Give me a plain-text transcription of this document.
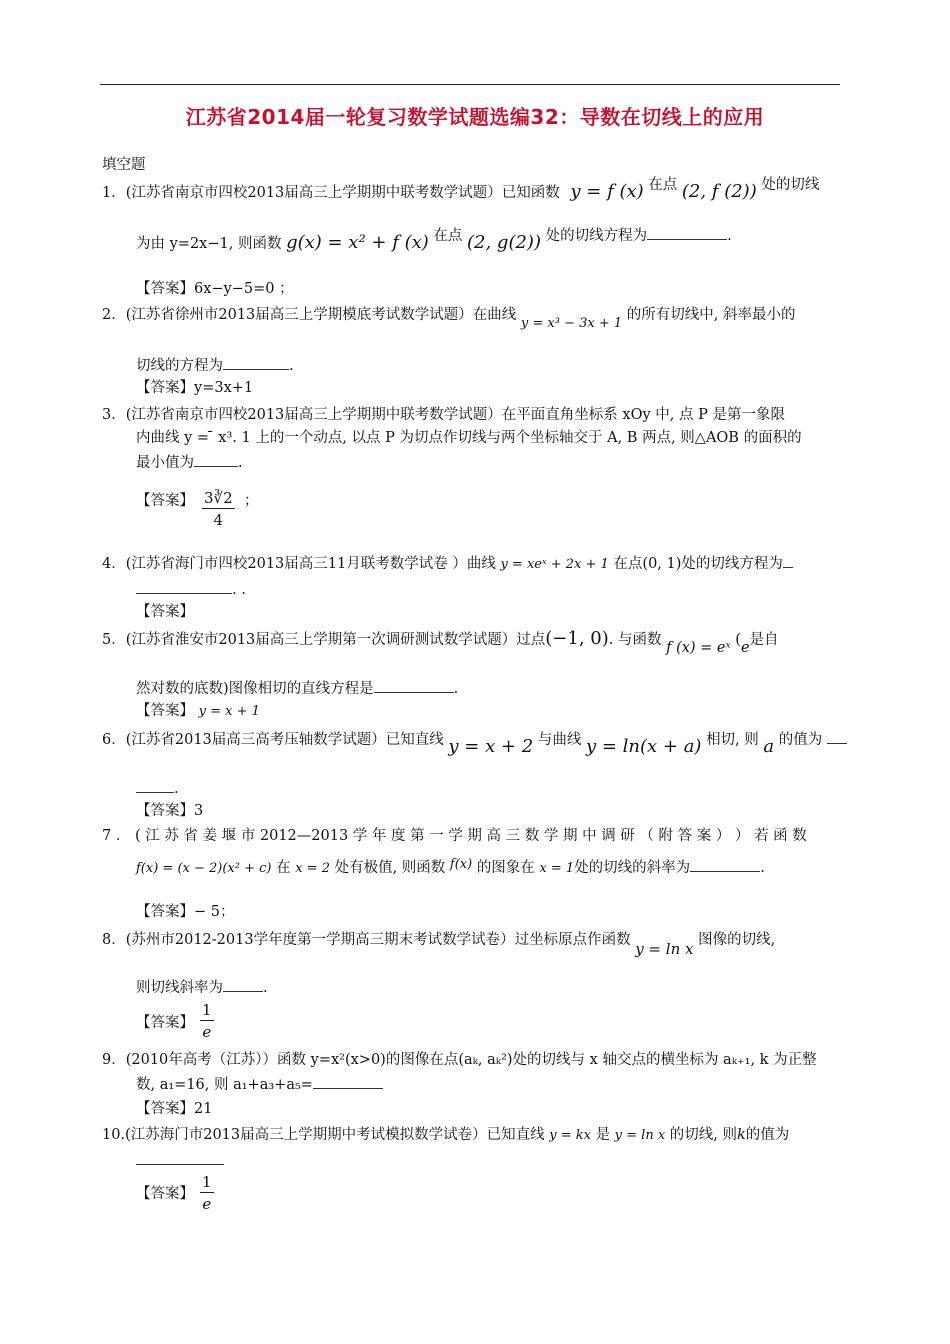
江苏省2014届一轮复习数学试题选编32：导数在切线上的应用
填空题
1．(江苏省南京市四校2013届高三上学期期中联考数学试题）已知函数 y = f (x) 在点 (2, f (2)) 处的切线
为由 y=2x−1, 则函数 g(x) = x² + f (x) 在点 (2, g(2)) 处的切线方程为	.
【答案】6x−y−5=0 ；
2．(江苏省徐州市2013届高三上学期模底考试数学试题）在曲线 y = x³ − 3x + 1 的所有切线中, 斜率最小的
切线的方程为	.
【答案】y=3x+1
3．(江苏省南京市四校2013届高三上学期期中联考数学试题）在平面直角坐标系 xOy 中, 点 P 是第一象限
内曲线 y = ̄ x³. 1 上的一个动点, 以点 P 为切点作切线与两个坐标轴交于 A, B 两点, 则△AOB 的面积的
最小值为	.
【答案】 $\frac{3∛2}{4}$ ；
4．(江苏省海门市四校2013届高三11月联考数学试卷 ）曲线 y = xeˣ + 2x + 1 在点(0, 1)处的切线方程为
. .
【答案】
5．(江苏省淮安市2013届高三上学期第一次调研测试数学试题）过点(−1, 0). 与函数 f (x) = eˣ (e是自
然对数的底数)图像相切的直线方程是	.
【答案】 y = x + 1
6．(江苏省2013届高三高考压轴数学试题）已知直线 y = x + 2 与曲线 y = ln(x + a) 相切, 则 a 的值为
.
【答案】3
7 ． ( 江 苏 省 姜 堰 市 2012—2013 学 年 度 第 一 学 期 高 三 数 学 期 中 调 研 （ 附 答 案 ） ） 若 函 数
f(x) = (x − 2)(x² + c) 在 x = 2 处有极值, 则函数 f(x) 的图象在 x = 1处的切线的斜率为	.
【答案】− 5；
8．(苏州市2012-2013学年度第一学期高三期末考试数学试卷）过坐标原点作函数 y = ln x 图像的切线,
则切线斜率为	.
【答案】 $\frac{1}{e}$
9．(2010年高考（江苏））函数 y=x²(x>0)的图像在点(aₖ, aₖ²)处的切线与 x 轴交点的横坐标为 aₖ₊₁, k 为正整
数, a₁=16, 则 a₁+a₃+a₅=
【答案】21
10.(江苏海门市2013届高三上学期期中考试模拟数学试卷）已知直线 y = kx 是 y = ln x 的切线, 则k的值为
【答案】 $\frac{1}{e}$
